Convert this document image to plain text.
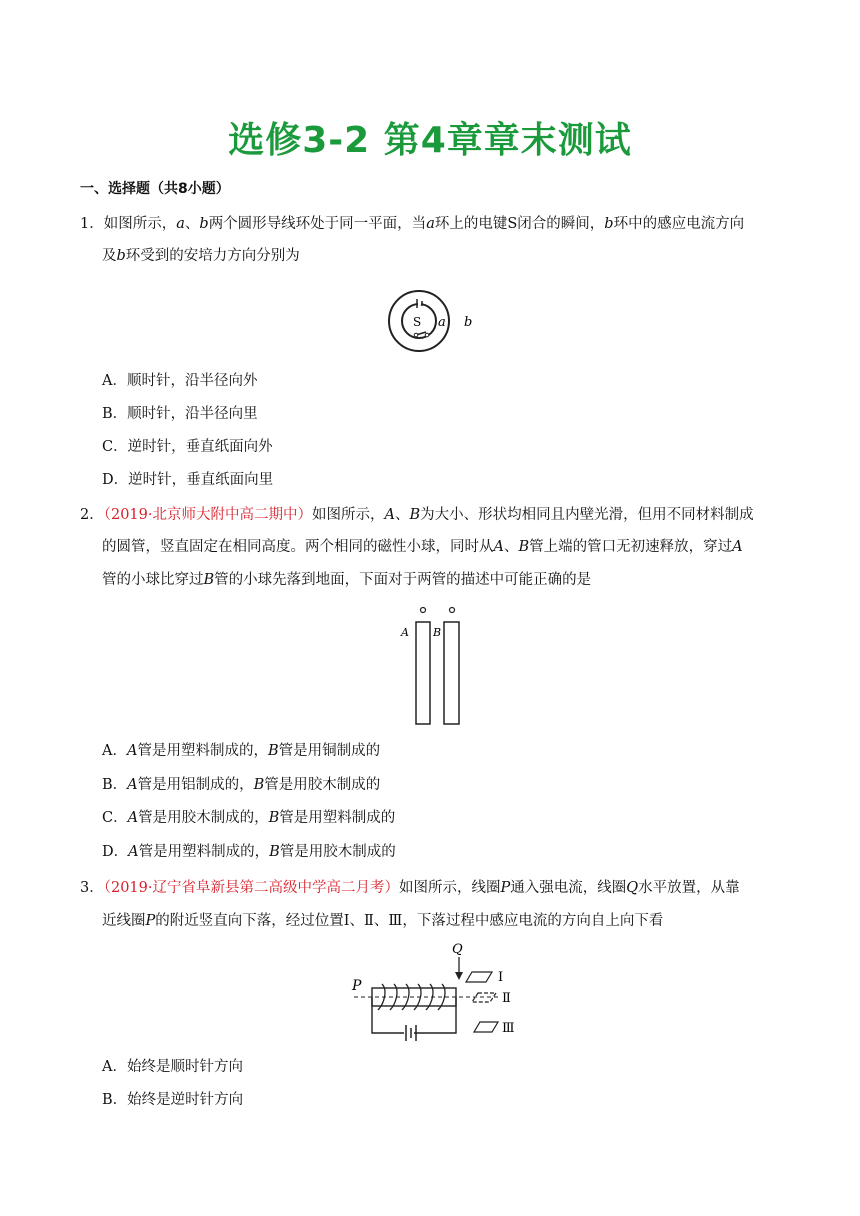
选修3-2 第4章章末测试
一、选择题（共8小题）
1．如图所示，a、b两个圆形导线环处于同一平面，当a环上的电键S闭合的瞬间，b环中的感应电流方向
及b环受到的安培力方向分别为
S a b
A．顺时针，沿半径向外
B．顺时针，沿半径向里
C．逆时针，垂直纸面向外
D．逆时针，垂直纸面向里
2．（2019·北京师大附中高二期中）如图所示，A、B为大小、形状均相同且内壁光滑，但用不同材料制成
的圆管，竖直固定在相同高度。两个相同的磁性小球，同时从A、B管上端的管口无初速释放，穿过A
管的小球比穿过B管的小球先落到地面，下面对于两管的描述中可能正确的是
A B
A．A管是用塑料制成的，B管是用铜制成的
B．A管是用铝制成的，B管是用胶木制成的
C．A管是用胶木制成的，B管是用塑料制成的
D．A管是用塑料制成的，B管是用胶木制成的
3．（2019·辽宁省阜新县第二高级中学高二月考）如图所示，线圈P通入强电流，线圈Q水平放置，从靠
近线圈P的附近竖直向下落，经过位置Ⅰ、Ⅱ、Ⅲ，下落过程中感应电流的方向自上向下看
P
Q
Ⅰ
Ⅱ
Ⅲ
A．始终是顺时针方向
B．始终是逆时针方向
